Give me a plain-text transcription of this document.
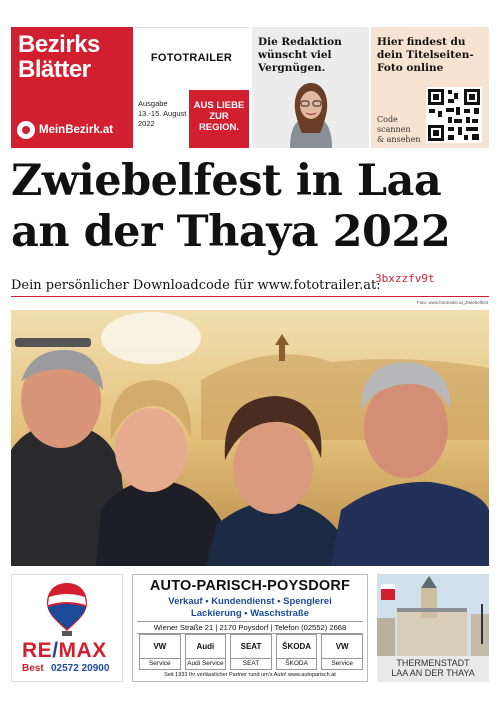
Bezirks
Blätter
MeinBezirk.at
FOTOTRAILER
Ausgabe
13.-15. August
2022
AUS LIEBE
ZUR
REGION.
Die Redaktion
wünscht viel
Vergnügen.
Hier findest du
dein Titelseiten-
Foto online
Code
scannen
& ansehen
Zwiebelfest in Laa
an der Thaya 2022
Dein persönlicher Downloadcode für www.fototrailer.at:
3bxzzfv9t
Foto: www.fototrailer.at_Zwiebelfest
RE/MAX
Best 02572 20900
AUTO-PARISCH-POYSDORF
Verkauf • Kundendienst • Spenglerei
Lackierung • Waschstraße
Wiener Straße 21 | 2170 Poysdorf | Telefon (02552) 2668
VW
Service
Audi
Audi Service
SEAT
SEAT
ŠKODA
ŠKODA
VW
Service
Seit 1933 Ihr verlässlicher Partner rund um's Auto! www.autoparisch.at
THERMENSTADT
LAA AN DER THAYA
